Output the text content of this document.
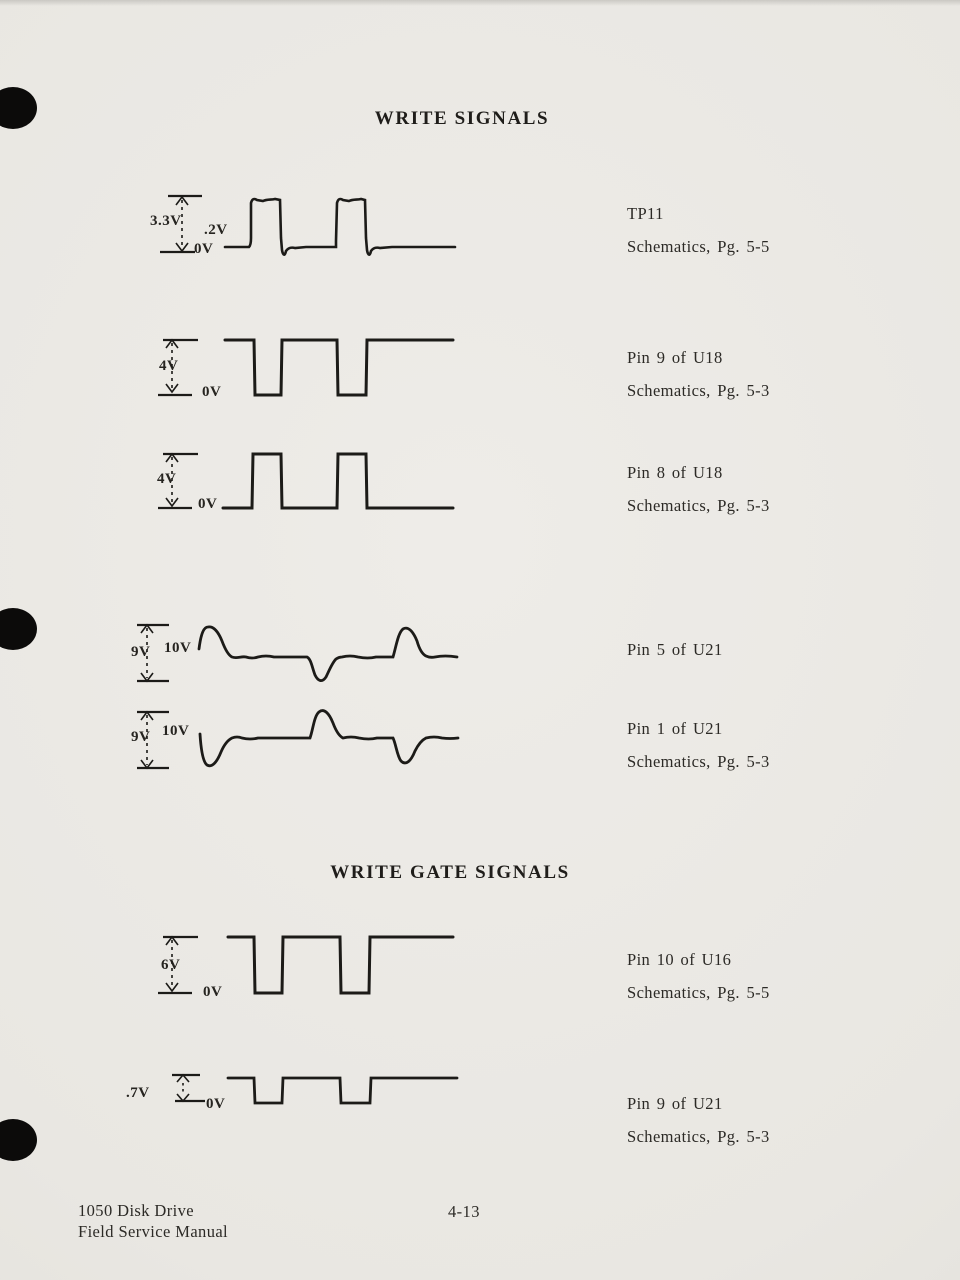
WRITE SIGNALS
3.3V
.2V
0V
TP11
Schematics, Pg. 5-5
4V
0V
Pin 9 of U18
Schematics, Pg. 5-3
4V
0V
Pin 8 of U18
Schematics, Pg. 5-3
9V 10V	Pin 5 of U21
9V 10V	Pin 1 of U21
Schematics, Pg. 5-3
WRITE GATE SIGNALS
6V
0V
Pin 10 of U16
Schematics, Pg. 5-5
.7V
0V	Pin 9 of U21
Schematics, Pg. 5-3
1050 Disk Drive
Field Service Manual
4-13
